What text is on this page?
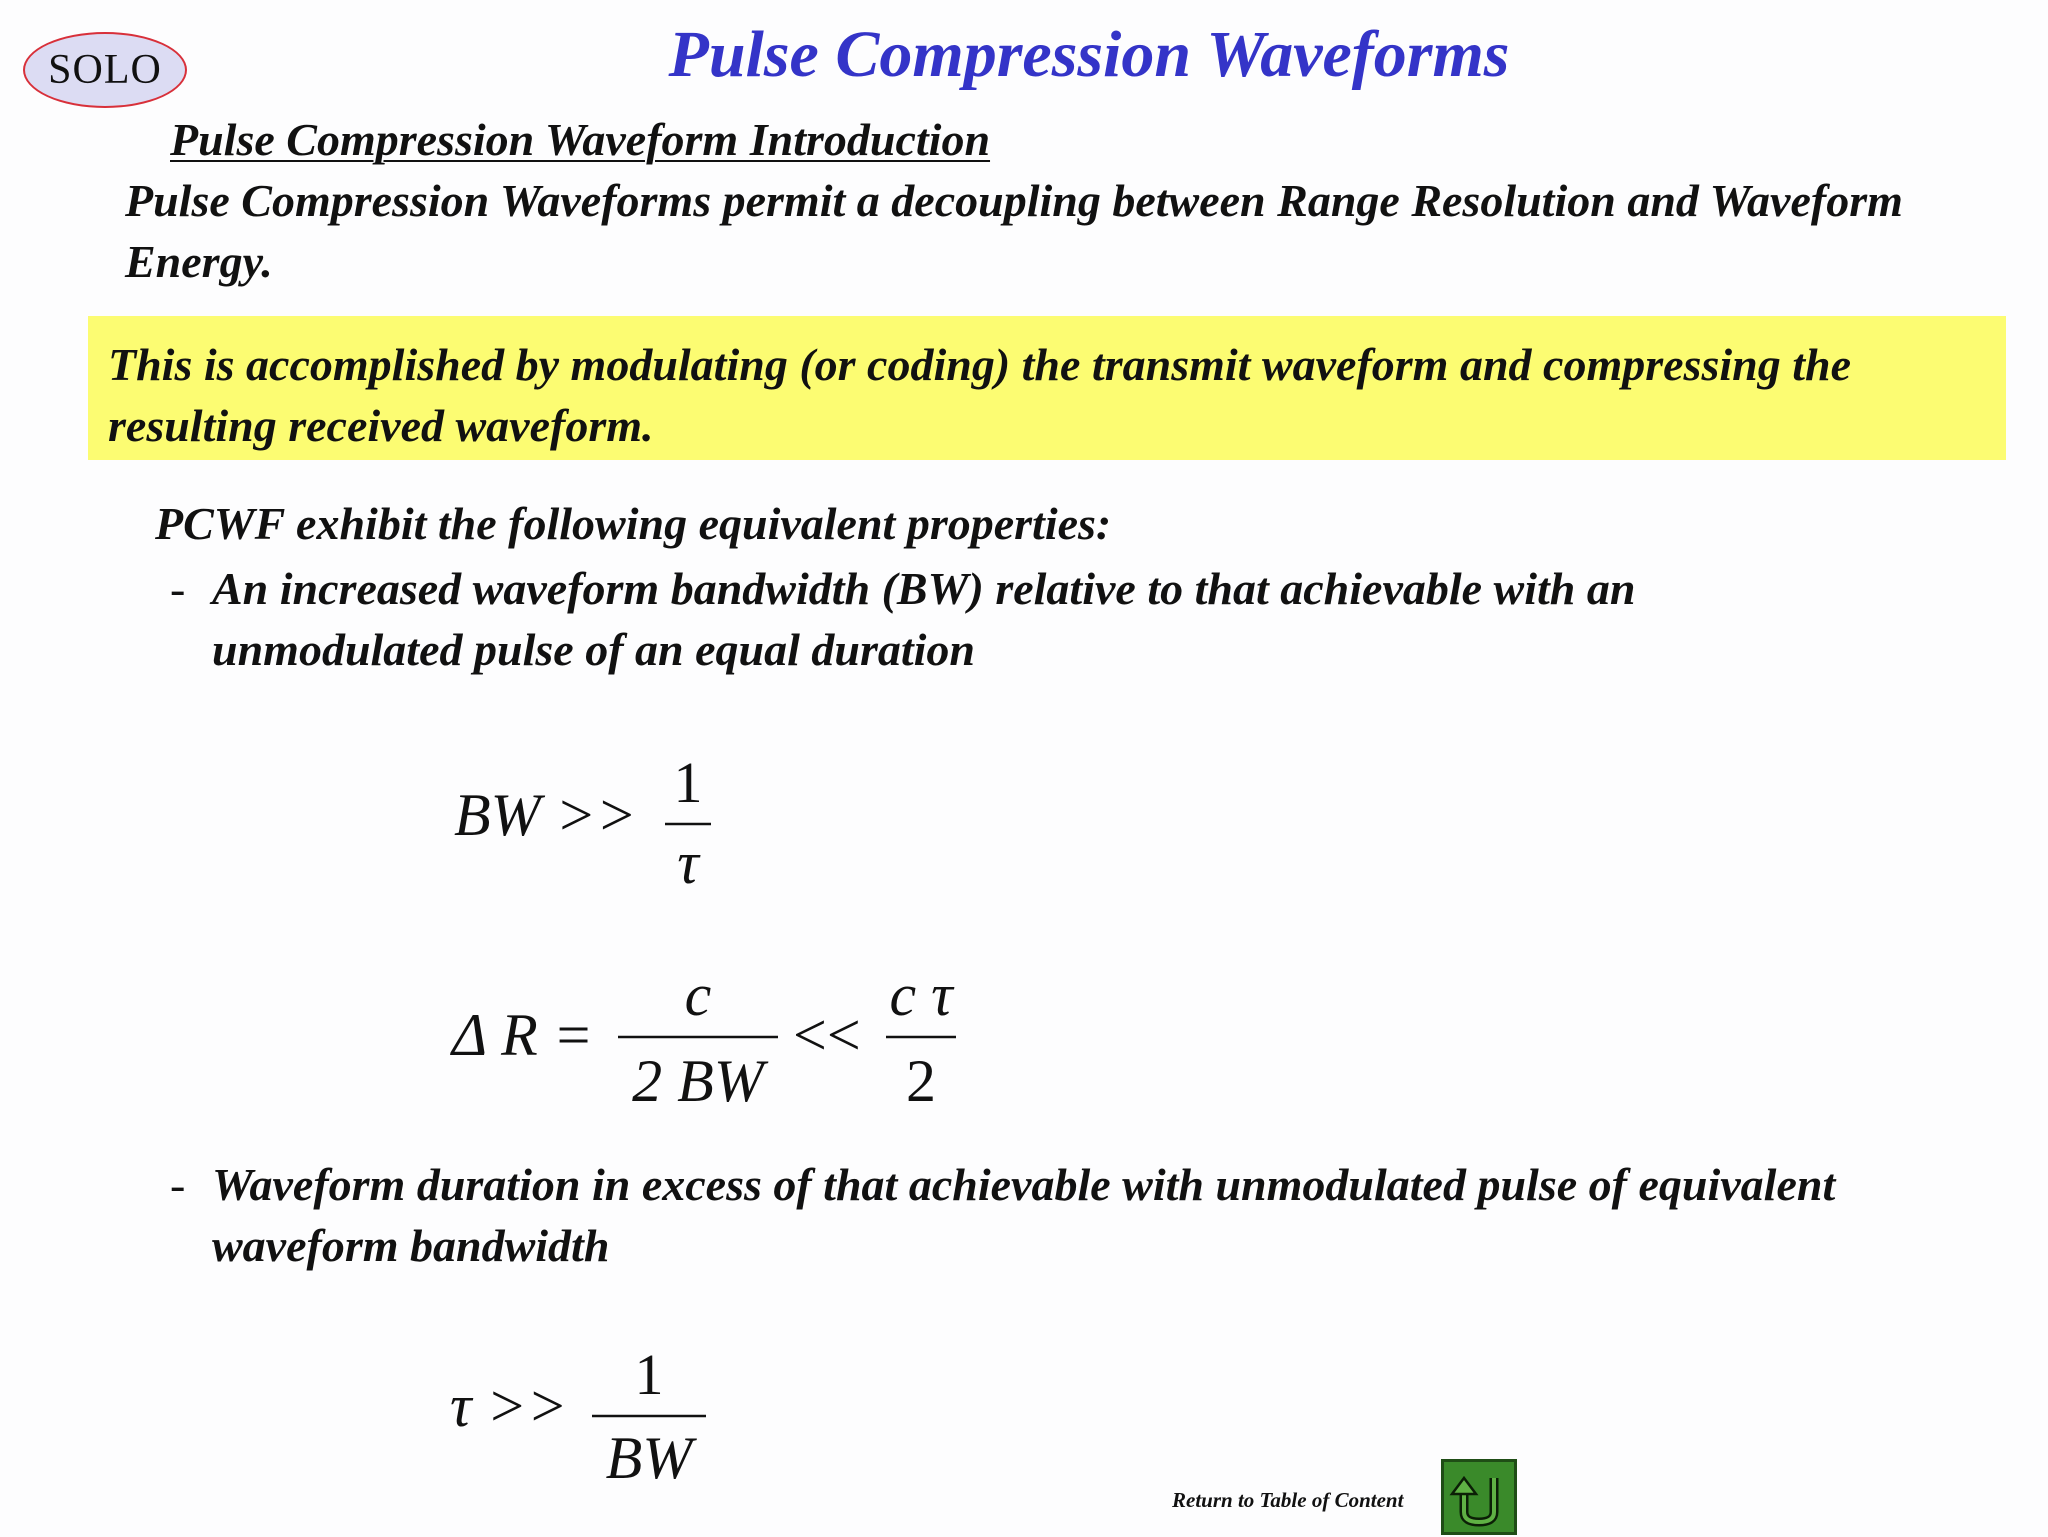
SOLO	Pulse Compression Waveforms
Pulse Compression Waveform Introduction
Pulse Compression Waveforms permit a decoupling between Range Resolution and Waveform Energy.
This is accomplished by modulating (or coding) the transmit waveform and compressing the resulting received waveform.
PCWF exhibit the following equivalent properties:
- An increased waveform bandwidth (BW) relative to that achievable with an unmodulated pulse of an equal duration
BW >> 1
τ
Δ R =
c
2 BW
<<
c τ
2
- Waveform duration in excess of that achievable with unmodulated pulse of equivalent waveform bandwidth
τ >> 1
BW
Return to Table of Content
